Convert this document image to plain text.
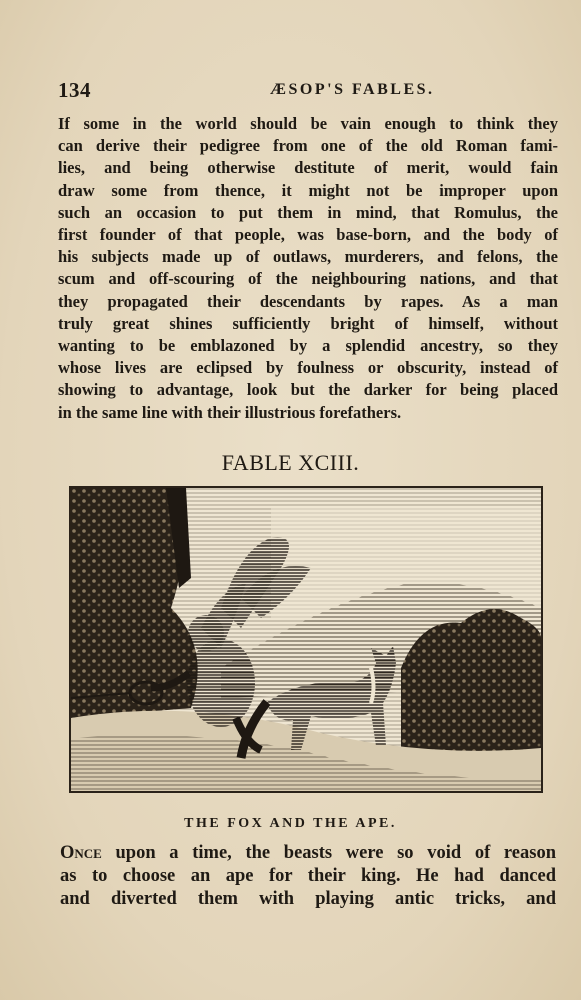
134	ÆSOP'S FABLES.
If some in the world should be vain enough to think they
can derive their pedigree from one of the old Roman fami-
lies, and being otherwise destitute of merit, would fain
draw some from thence, it might not be improper upon
such an occasion to put them in mind, that Romulus, the
first founder of that people, was base-born, and the body of
his subjects made up of outlaws, murderers, and felons, the
scum and off-scouring of the neighbouring nations, and that
they propagated their descendants by rapes. As a man
truly great shines sufficiently bright of himself, without
wanting to be emblazoned by a splendid ancestry, so they
whose lives are eclipsed by foulness or obscurity, instead of
showing to advantage, look but the darker for being placed
in the same line with their illustrious forefathers.
FABLE XCIII.
THE FOX AND THE APE.
Once upon a time, the beasts were so void of reason
as to choose an ape for their king. He had danced
and diverted them with playing antic tricks, and
